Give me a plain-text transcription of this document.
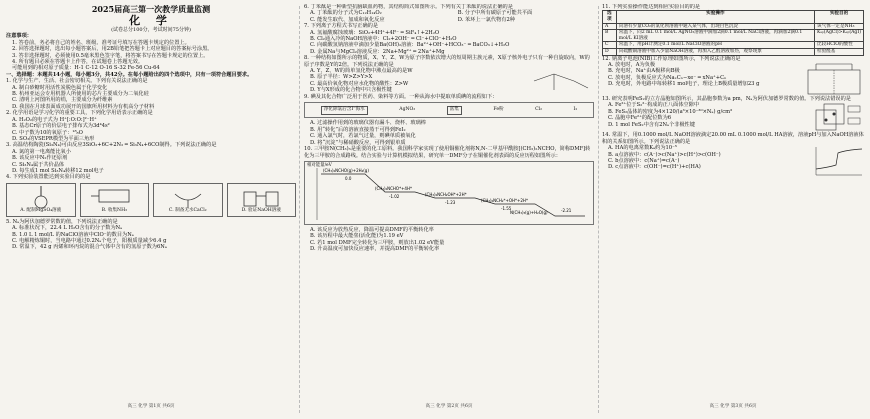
2025届高三第一次教学质量监测

化 学

(试卷总分100分，考试时间75分钟)

注意事项：

1. 答卷前，务必将自己的姓名、班级、准考证号填写在答题卡规定的位置上。

2. 回答选择题时，选出每小题答案后，用2B铅笔把答题卡上对应题目的答案标号涂黑。

3. 答非选择题时，必须使用0.5毫米黑色签字笔，将答案书写在答题卡规定的位置上。

4. 所有题目必须在答题卡上作答，在试题卷上答题无效。

可能用到的相对原子质量：H-1 C-12 O-16 S-32 Fe-56 Cu-64

一、选择题：本题共14小题，每小题3分，共42分。在每小题给出的四个选项中，只有一项符合题目要求。

1. 化学与生产、生活、社会密切相关。下列有关说法正确的是

A. 制白砂糖时用活性炭脱色属于化学变化

B. 杭州亚运会专用机器人所使用的芯片主要成分为二氧化硅

C. 清明上河图所用的绢，主要成分为纤维素

D. 我国在月球表面成功展开的国旗所用材料为有机高分子材料

2. 化学用语是学习化学的重要工具，下列化学用语表示正确的是

A. H₂O₂的电子式为 H⁺[:O:O:]²⁻H⁺

B. 基态Cr原子的价层电子排布式为3d⁴4s²

C. 中子数为10的氧原子：¹⁸₈O

D. SO₃的VSEPR模型为平面三角形

3. 高温结构陶瓷(Si₃N₄)可由反应3SiO₂+6C+2N₂ ═ Si₃N₄+6CO制得。下列说法正确的是

A. 氮的第一电离能比氧小

B. 该反应中N₂作还原剂

C. Si₃N₄属于共价晶体

D. 每生成1 mol Si₃N₄转移12 mol电子

4. 下列实验装置能达到实验目的的是

A. 配制MgSO₄溶液	B. 收集NH₃	C. 制备无水CaCl₂	D. 验证NaOH溶液

5. Nₐ为阿伏加德罗常数的值，下列说法正确的是

A. 标准状况下，22.4 L H₂O含有的分子数为Nₐ

B. 1.0 L 1 mol/L 的NaClO溶液中ClO⁻的数目为Nₐ

C. 电解精炼铜时，当电路中通过0.2Nₐ个电子，阳极质量减少6.4 g

D. 常温下，42 g 丙烯和环丙烷的混合气体中含有的氢原子数为6Nₐ

高三 化学 第1页 共6页

6. 丁苯酞是一种新型抗脑缺血药物，其结构简式如图所示。下列有关丁苯酞的说法正确的是

A. 丁苯酞的分子式为C₁₂H₁₄O₂

C. 能发生取代、加成和氧化反应

B. 分子中所有碳原子可能共平面

D. 苯环上一氯代物有2种

7. 下列离子方程式书写正确的是

A. 氢氟酸腐蚀玻璃：SiO₂+4H⁺+4F⁻ ═ SiF₄↑+2H₂O

B. Cl₂通入冷的NaOH溶液中：Cl₂+2OH⁻ ═ Cl⁻+ClO⁻+H₂O

C. 向碳酸氢钠溶液中滴加少量Ba(OH)₂溶液：Ba²⁺+OH⁻+HCO₃⁻ ═ BaCO₃↓+H₂O

D. 金属Na与MgCl₂溶液反应：2Na+Mg²⁺ ═ 2Na⁺+Mg

8. 一种结构如图所示的物质，X、Y、Z、W为原子序数依次增大的短周期主族元素，X原子核外电子只有一种自旋取向，W的原子序数是Y的2倍。下列说法正确的是

A. Y、Z、W的简单氢化物中沸点最高的是W

B. 原子半径：W>Z>Y>X

C. 最高价氧化物对应水化物的酸性：Z>W

D. Y与X形成的化合物中只含极性键

9. 碘及其化合物广泛用于医药、染料等方面。一种从海水中提取单质碘的流程如下：

净化除氯后含I⁻海水	AgNO₃	富集	Fe粉	Cl₂	I₂

A. 过滤操作用到的玻璃仪器有漏斗、烧杯、玻璃棒

B. 用“转化”后的溶液直接蒸干可得到FeI₂

C. 通入氯气时，若氯气过量，则碘单质被氧化

D. 将“沉淀”与稀硝酸反应，可得到银单质

10. 三甲胺N(CH₃)₃是重要的化工原料。我国科学家实现了使用铜催化剂将N,N-二甲基甲酰胺[(CH₃)₂NCHO，简称DMF]转化为三甲胺的合成路线。结合实验与计算机模拟结果，研究单一DMF分子在铜催化剂表面的反应历程如图所示：

相对能量/eV
(CH₃)₂NCHO(g)+2H₂(g)
(CH₃)₂NCHO*+4H*
(CH₃)₂NCH₂OH*+2H*
(CH₃)₂NCH₂*+OH*+2H*
N(CH₃)₃(g)+H₂O(g)
0.0
-1.02
-1.23
-1.55	-2.21

A. 该反应为放热反应，降温可提高DMF的平衡转化率

B. 该历程中最大能垒(活化能)为1.19 eV

C. 若1 mol DMF完全转化为三甲胺，则放出1.02 eV能量

D. 升高温度可加快反应速率，并提高DMF的平衡转化率

高三 化学 第2页 共6页

11. 下列实验操作能达到相应实验目的的是

选项	实验操作	实验目的
A	向溶有少量CO₂的氯化钡溶液中通入某气体，出现白色沉淀	该气体一定是NH₃
B	常温下，向2 mL 0.1 mol/L AgNO₃溶液中滴加2滴0.1 mol/L NaCl溶液，再滴加2滴0.1 mol/L KI溶液	Kₛₚ(AgCl)>Kₛₚ(AgI)
C	常温下，用pH计测定0.1 mol/L NaClO溶液的pH	比较HClO的酸性
D	向硫酸铜溶液中加入少量NaOH溶液，再加入乙醛溶液加热，观察现象	检验醛基

12. 钠离子电池(NIB)工作原理如图所示，下列说法正确的是

A. 放电时，A为负极

B. 充电时，Na⁺由A极移向B极

C. 放电时，负极反应式为NaₓCₙ−xe⁻ ═ xNa⁺+Cₙ

D. 充电时，外电路中每转移1 mol电子，理论上B极质量增加23 g

13. 研究表明FeS₂的立方晶胞如图所示，其晶胞参数为a pm，Nₐ为阿伏加德罗常数的值。下列说法错误的是

A. Fe²⁺位于S₂²⁻构成的正八面体空隙中

B. FeS₂晶体的密度为4×120/(a³×10⁻³⁰×Nₐ) g/cm³

C. 晶胞中Fe²⁺的配位数为6

D. 1 mol FeS₂中含有2Nₐ个非极性键

14. 常温下，用0.1000 mol/L NaOH溶液滴定20.00 mL 0.1000 mol/L HA溶液，溶液pH与加入NaOH溶液体积的关系如图所示。下列说法正确的是

A. HA的电离常数Kₐ约为10⁻⁵

B. a点溶液中：c(A⁻)>c(Na⁺)>c(H⁺)>c(OH⁻)

C. b点溶液中：c(Na⁺)=c(A⁻)

D. c点溶液中：c(OH⁻)=c(H⁺)+c(HA)

高三 化学 第3页 共6页
